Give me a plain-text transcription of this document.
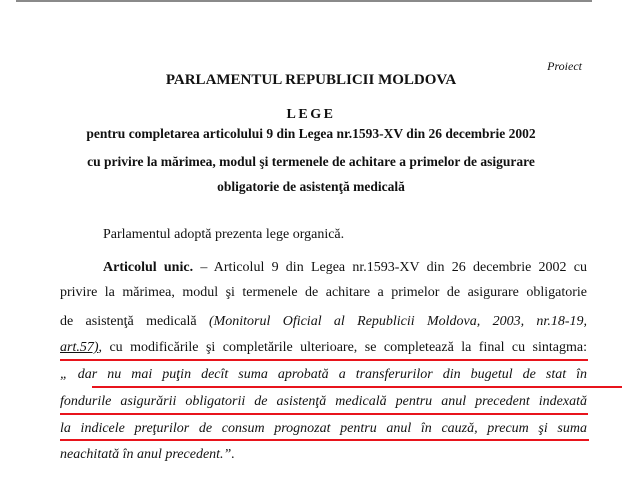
Proiect
PARLAMENTUL REPUBLICII MOLDOVA
LEGE
pentru completarea articolului 9 din Legea nr.1593-XV din 26 decembrie 2002
cu privire la mărimea, modul şi termenele de achitare a primelor de asigurare
obligatorie de asistenţă medicală
Parlamentul adoptă prezenta lege organică.
Articolul unic. – Articolul 9 din Legea nr.1593-XV din 26 decembrie 2002 cu
privire la mărimea, modul şi termenele de achitare a primelor de asigurare obligatorie
de asistenţă medicală (Monitorul Oficial al Republicii Moldova, 2003, nr.18-19,
art.57), cu modificările şi completările ulterioare, se completează la final cu sintagma:
„ dar nu mai puţin decît suma aprobată a transferurilor din bugetul de stat în
fondurile asigurării obligatorii de asistenţă medicală pentru anul precedent indexată
la indicele preţurilor de consum prognozat pentru anul în cauză, precum şi suma
neachitată în anul precedent.”.
